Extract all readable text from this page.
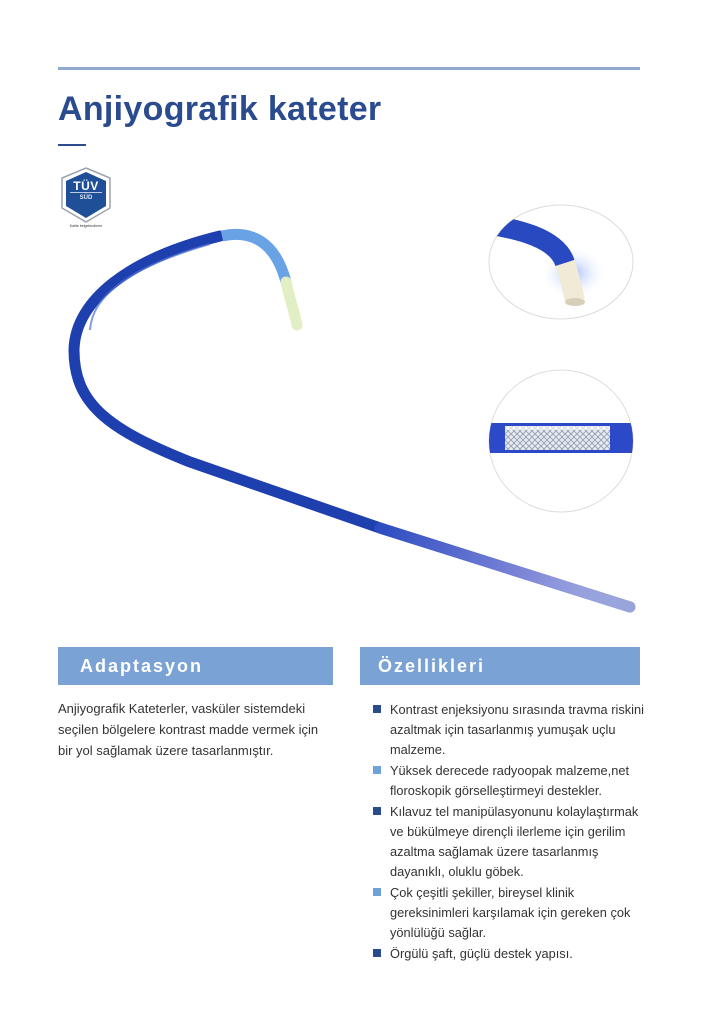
Anjiyografik kateter
TÜV
SÜD
Kalite belgelendirme
Adaptasyon	Özellikleri

Anjiyografik Kateterler, vasküler sistemdeki seçilen bölgelere kontrast madde vermek için bir yol sağlamak üzere tasarlanmıştır.

Kontrast enjeksiyonu sırasında travma riskini azaltmak için tasarlanmış yumuşak uçlu malzeme.
Yüksek derecede radyoopak malzeme,net floroskopik görselleştirmeyi destekler.
Kılavuz tel manipülasyonunu kolaylaştırmak ve bükülmeye dirençli ilerleme için gerilim azaltma sağlamak üzere tasarlanmış dayanıklı, oluklu göbek.
Çok çeşitli şekiller, bireysel klinik gereksinimleri karşılamak için gereken çok yönlülüğü sağlar.
Örgülü şaft, güçlü destek yapısı.
